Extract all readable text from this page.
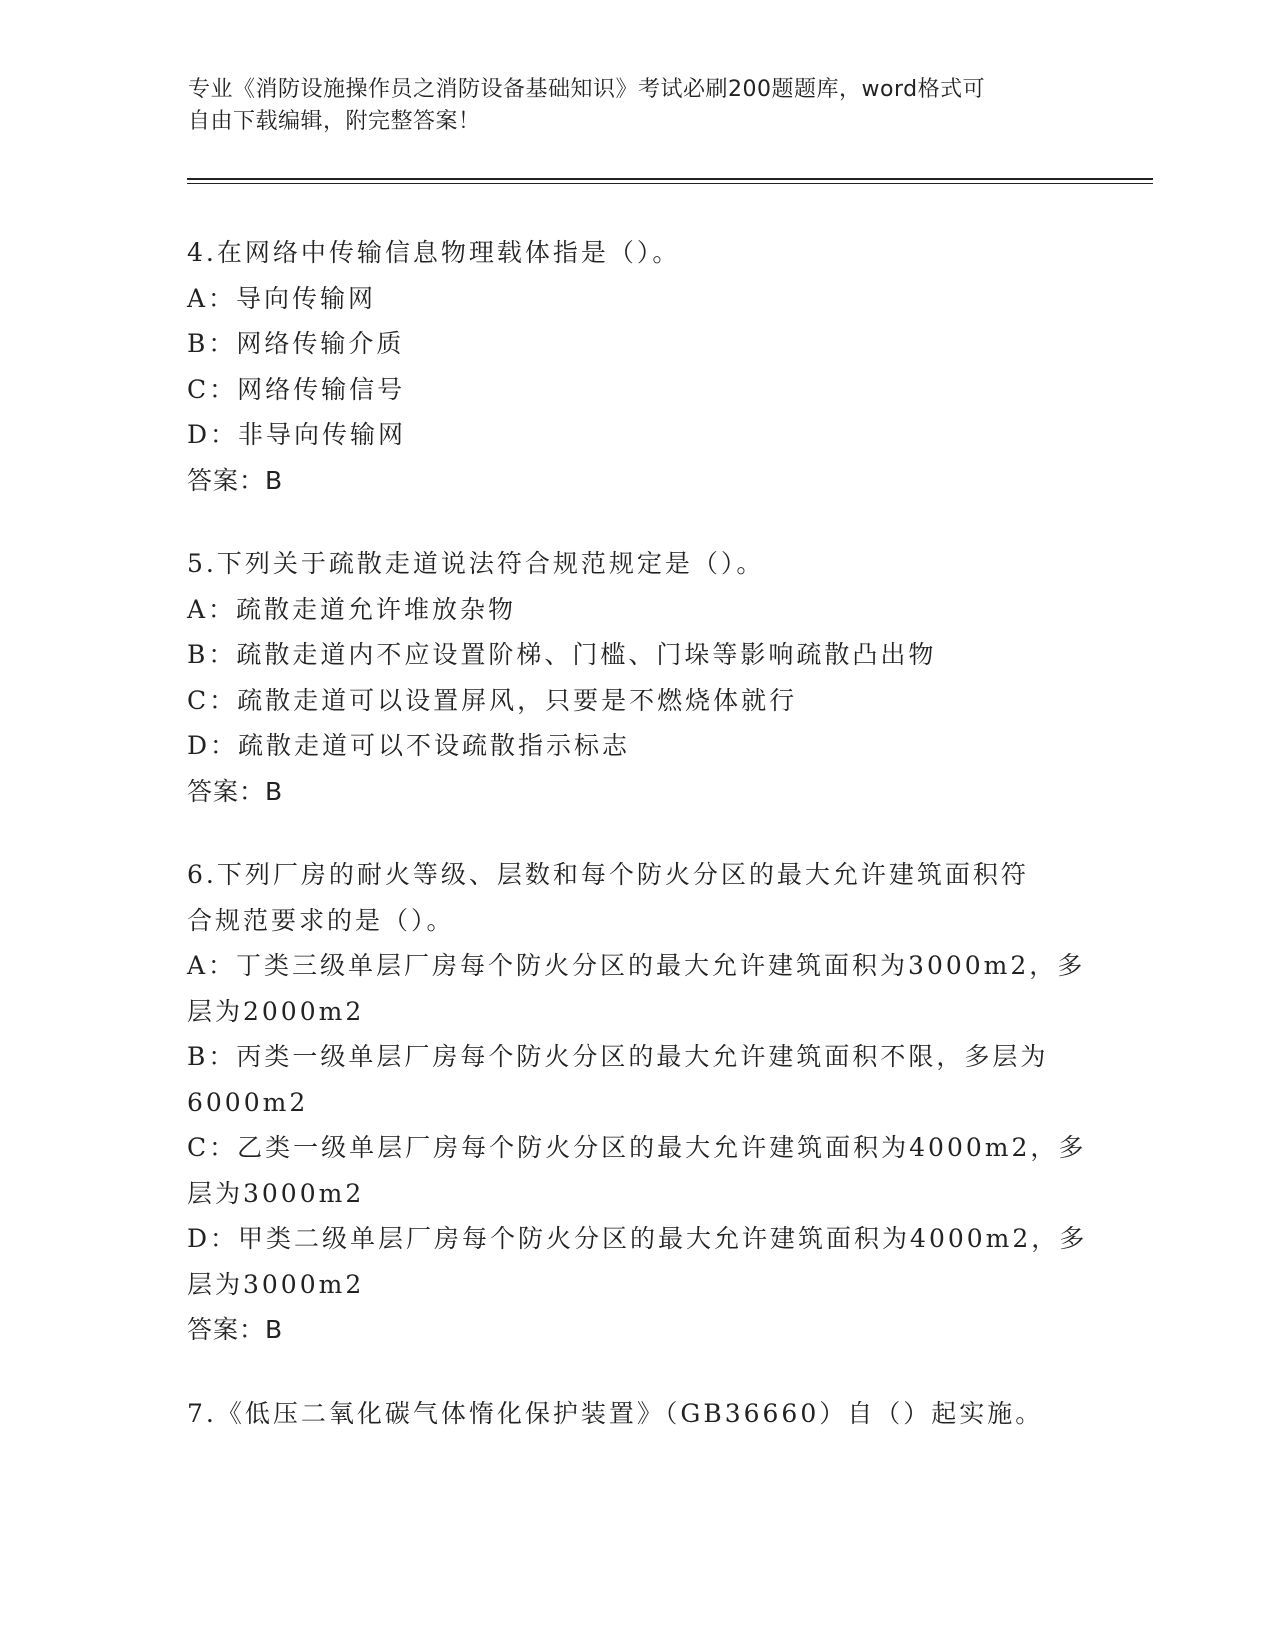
专业《消防设施操作员之消防设备基础知识》考试必刷200题题库，word格式可
自由下载编辑，附完整答案！
4.在网络中传输信息物理载体指是（）。
A：导向传输网
B：网络传输介质
C：网络传输信号
D：非导向传输网
答案：B
5.下列关于疏散走道说法符合规范规定是（）。
A：疏散走道允许堆放杂物
B：疏散走道内不应设置阶梯、门槛、门垛等影响疏散凸出物
C：疏散走道可以设置屏风，只要是不燃烧体就行
D：疏散走道可以不设疏散指示标志
答案：B
6.下列厂房的耐火等级、层数和每个防火分区的最大允许建筑面积符
合规范要求的是（）。
A：丁类三级单层厂房每个防火分区的最大允许建筑面积为3000m2，多
层为2000m2
B：丙类一级单层厂房每个防火分区的最大允许建筑面积不限，多层为
6000m2
C：乙类一级单层厂房每个防火分区的最大允许建筑面积为4000m2，多
层为3000m2
D：甲类二级单层厂房每个防火分区的最大允许建筑面积为4000m2，多
层为3000m2
答案：B
7.《低压二氧化碳气体惰化保护装置》（GB36660）自（）起实施。
